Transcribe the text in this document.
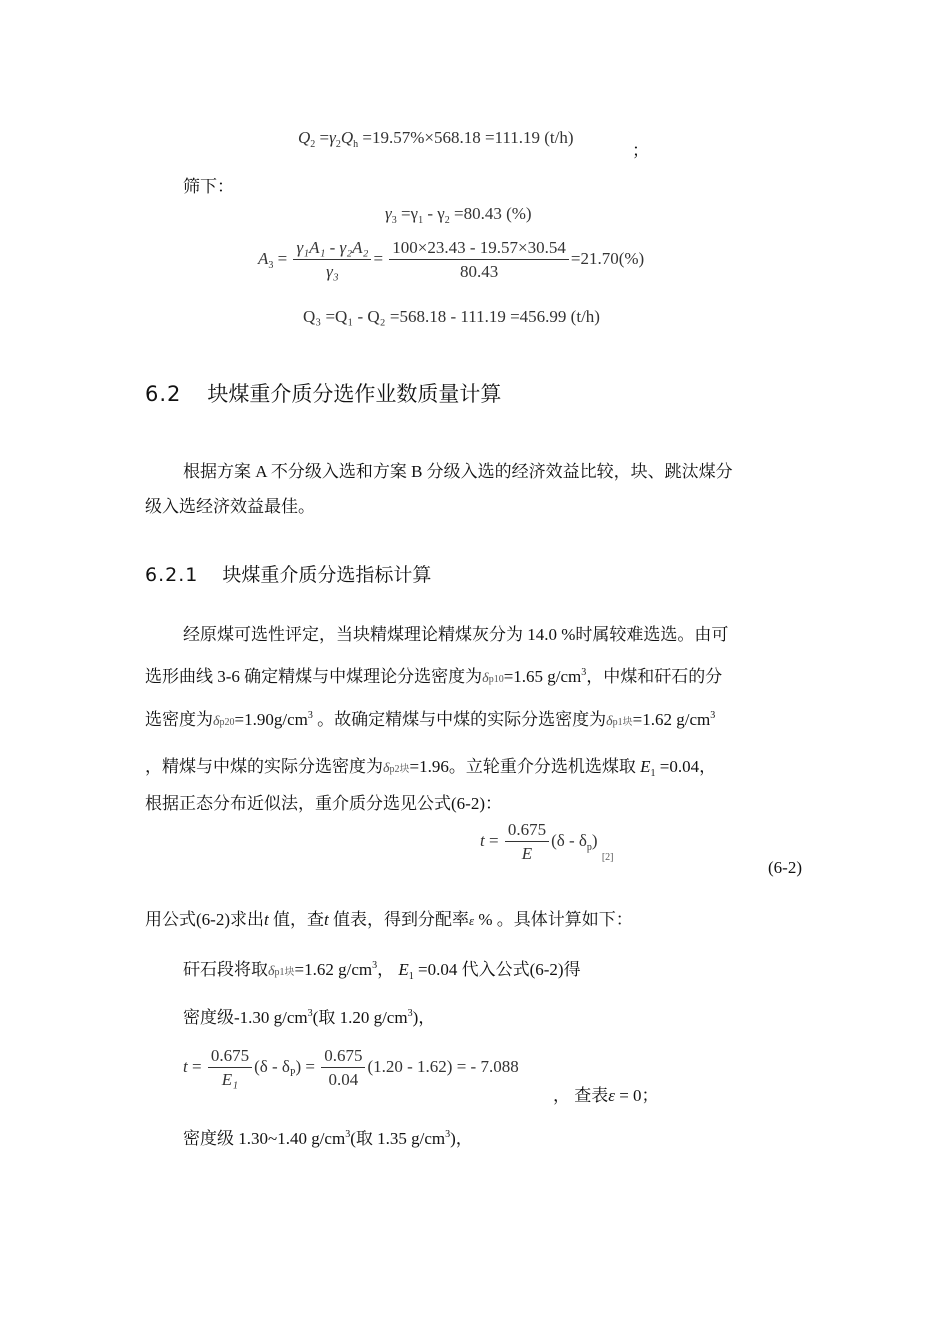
$Q_2 =\gamma_2Q_h =19.57\%\times 568.18 =111.19$ (t/h)
；
筛下：
$\gamma_3 =\gamma_1 - \gamma_2 =80.43$ (%)
$A_3 = \frac{\text{γ₁A₁ - γ₂A₂}}{\text{γ₃}} = \frac{100\times 23.43 - 19.57\times 30.54}{80.43} =21.70(\%)$
Q₃ =Q₁ - Q₂ =568.18 - 111.19 =456.99 (t/h)
6.2 块煤重介质分选作业数质量计算
根据方案 A 不分级入选和方案 B 分级入选的经济效益比较，块、跳汰煤分
级入选经济效益最佳。
6.2.1 块煤重介质分选指标计算
经原煤可选性评定，当块精煤理论精煤灰分为 14.0 %时属较难选选。由可
选形曲线 3-6 确定精煤与中煤理论分选密度为δp10=1.65 $g/cm^3$，中煤和矸石的分
选密度为$\delta p20=1.90g/cm^3$ 。故确定精煤与中煤的实际分选密度为δp1块=1.62 $g/cm^3$
，精煤与中煤的实际分选密度为δp2块=1.96。立轮重介分选机选煤取 $E_1 =0.04$，
根据正态分布近似法，重介质分选见公式(6-2)：
$t = \frac{0.675}{E} (\delta - \delta_p)$ $_{[2]}$
(6-2)
用公式(6-2)求出t 值，查t 值表，得到分配率ε % 。具体计算如下：
矸石段将取δp1块=1.62 $g/cm^3$， $E_1 =0.04$ 代入公式(6-2)得
密度级-1.30 $g/cm^3$(取 1.20 $g/cm^3$)，
$t = \frac{0.675}{\text{E₁}} (\delta - \delta_P) = \frac{0.675}{0.04} (1.20 - 1.62)$ = - 7.088
， 查表ε = 0；
密度级 1.30~1.40 $g/cm^3$(取 1.35 $g/cm^3$)，
